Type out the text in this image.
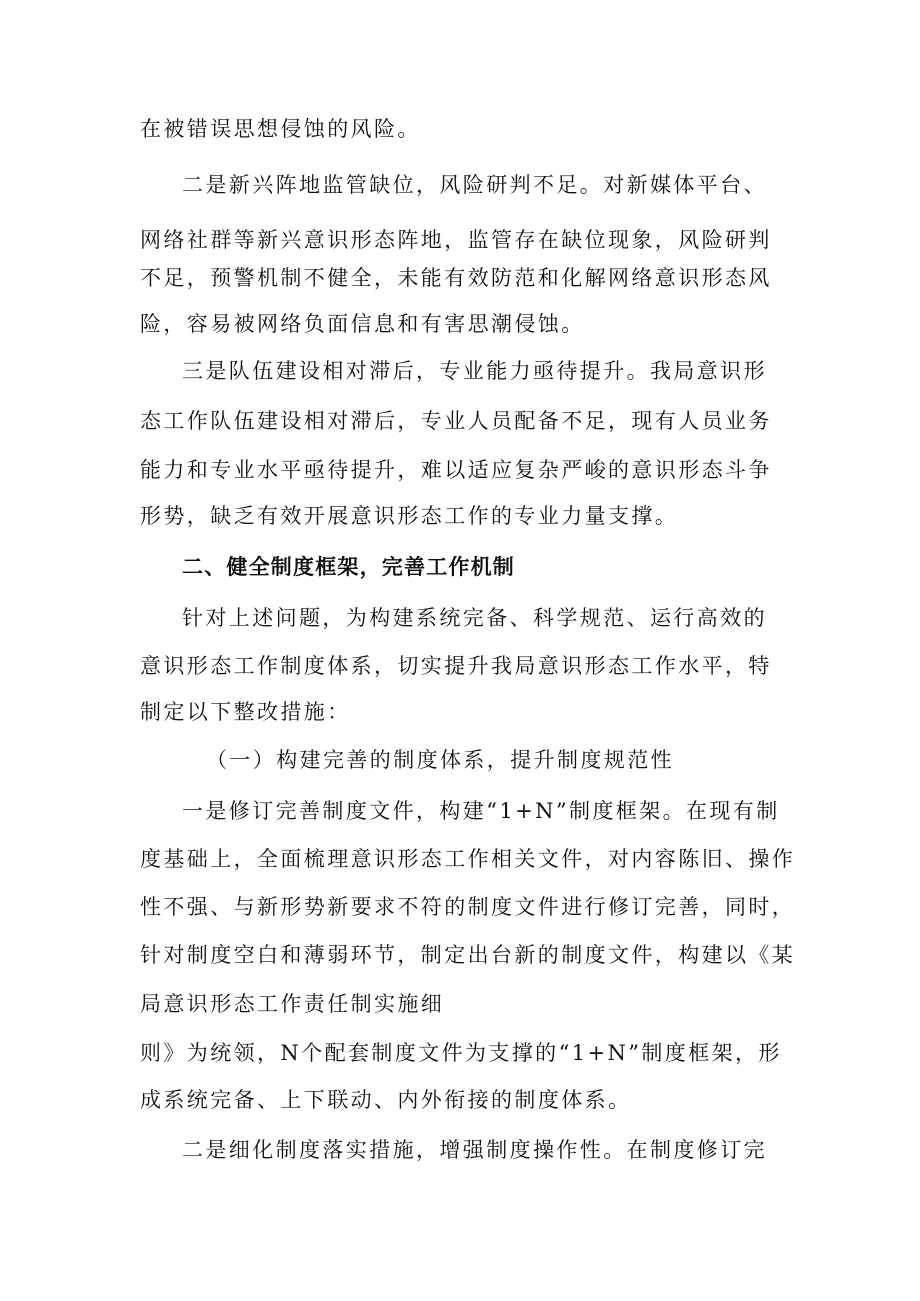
在被错误思想侵蚀的风险。
二是新兴阵地监管缺位，风险研判不足。对新媒体平台、
网络社群等新兴意识形态阵地，监管存在缺位现象，风险研判
不足，预警机制不健全，未能有效防范和化解网络意识形态风
险，容易被网络负面信息和有害思潮侵蚀。
三是队伍建设相对滞后，专业能力亟待提升。我局意识形
态工作队伍建设相对滞后，专业人员配备不足，现有人员业务
能力和专业水平亟待提升，难以适应复杂严峻的意识形态斗争
形势，缺乏有效开展意识形态工作的专业力量支撑。
二、健全制度框架，完善工作机制
针对上述问题，为构建系统完备、科学规范、运行高效的
意识形态工作制度体系，切实提升我局意识形态工作水平，特
制定以下整改措施：
（一）构建完善的制度体系，提升制度规范性
一是修订完善制度文件，构建“1+N”制度框架。在现有制
度基础上，全面梳理意识形态工作相关文件，对内容陈旧、操作
性不强、与新形势新要求不符的制度文件进行修订完善，同时，
针对制度空白和薄弱环节，制定出台新的制度文件，构建以《某
局意识形态工作责任制实施细
则》为统领，N个配套制度文件为支撑的“1+N”制度框架，形
成系统完备、上下联动、内外衔接的制度体系。
二是细化制度落实措施，增强制度操作性。在制度修订完
